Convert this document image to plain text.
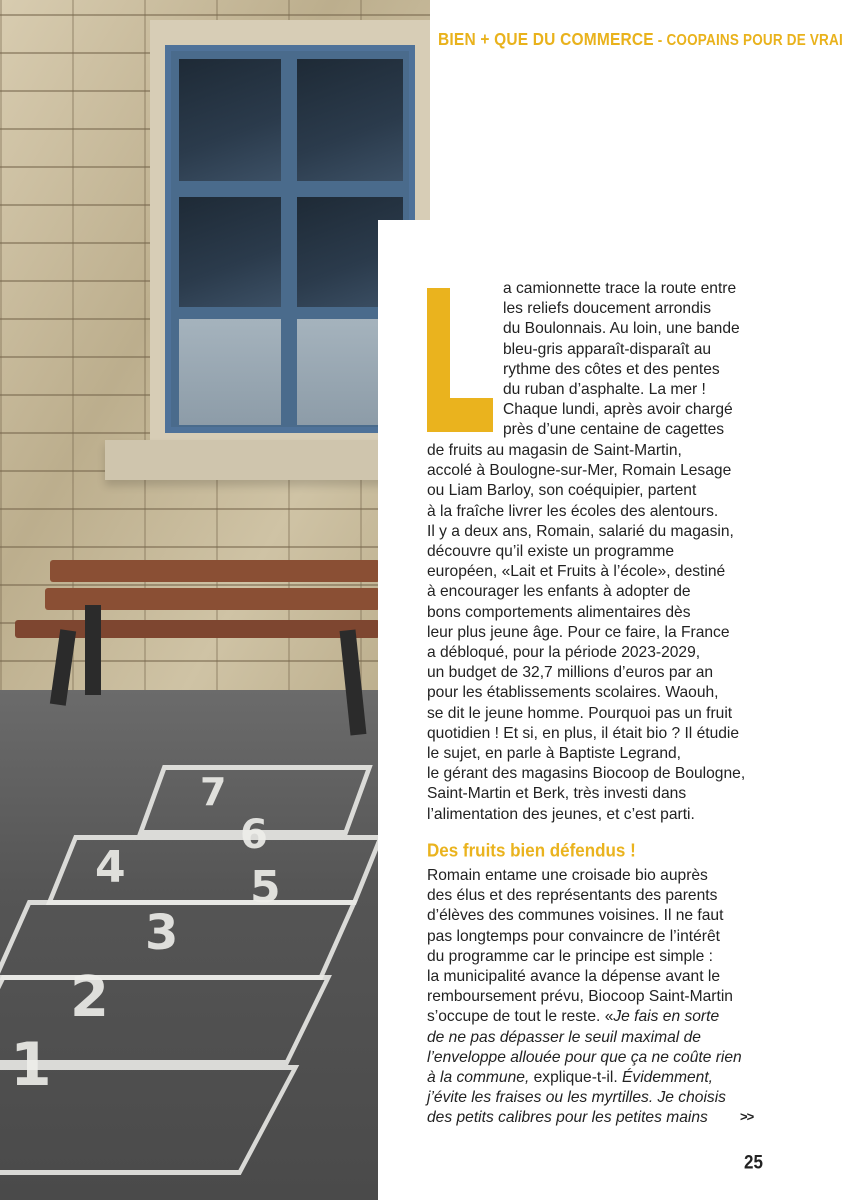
7
6
4	5
3
2
1
BIEN + QUE DU COMMERCE - COOPAINS POUR DE VRAI
a camionnette trace la route entre
les reliefs doucement arrondis
du Boulonnais. Au loin, une bande
bleu-gris apparaît-disparaît au
rythme des côtes et des pentes
du ruban d’asphalte. La mer !
Chaque lundi, après avoir chargé
près d’une centaine de cagettes
de fruits au magasin de Saint-Martin,
accolé à Boulogne-sur-Mer, Romain Lesage
ou Liam Barloy, son coéquipier, partent
à la fraîche livrer les écoles des alentours.
Il y a deux ans, Romain, salarié du magasin,
découvre qu’il existe un programme
européen, «Lait et Fruits à l’école», destiné
à encourager les enfants à adopter de
bons comportements alimentaires dès
leur plus jeune âge. Pour ce faire, la France
a débloqué, pour la période 2023-2029,
un budget de 32,7 millions d’euros par an
pour les établissements scolaires. Waouh,
se dit le jeune homme. Pourquoi pas un fruit
quotidien ! Et si, en plus, il était bio ? Il étudie
le sujet, en parle à Baptiste Legrand,
le gérant des magasins Biocoop de Boulogne,
Saint-Martin et Berk, très investi dans
l’alimentation des jeunes, et c’est parti.
Des fruits bien défendus !
Romain entame une croisade bio auprès
des élus et des représentants des parents
d’élèves des communes voisines. Il ne faut
pas longtemps pour convaincre de l’intérêt
du programme car le principe est simple :
la municipalité avance la dépense avant le
remboursement prévu, Biocoop Saint-Martin
s’occupe de tout le reste. «Je fais en sorte
de ne pas dépasser le seuil maximal de
l’enveloppe allouée pour que ça ne coûte rien
à la commune, explique-t-il. Évidemment,
j’évite les fraises ou les myrtilles. Je choisis
des petits calibres pour les petites mains	>>
25
